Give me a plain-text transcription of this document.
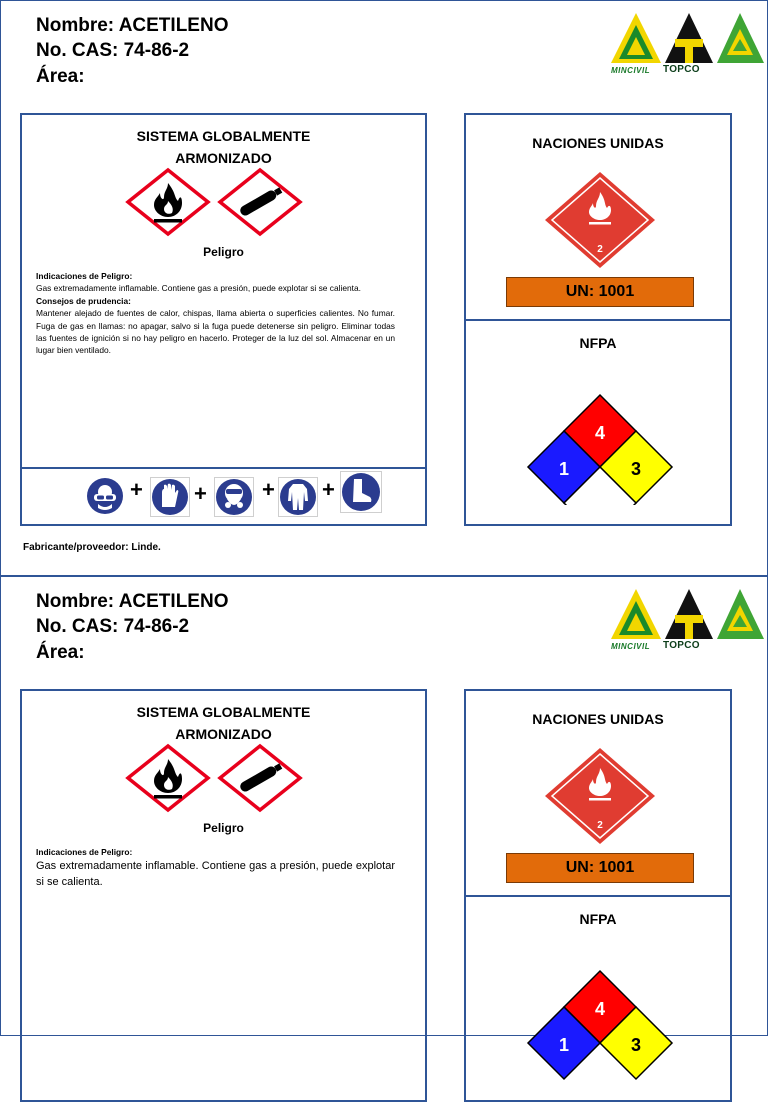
Nombre: ACETILENO
No. CAS: 74-86-2
Área:	MINCIVIL TOPCO
SISTEMA GLOBALMENTE
ARMONIZADO
Peligro
Indicaciones de Peligro:
Gas extremadamente inflamable. Contiene gas a presión, puede explotar si se calienta.
Consejos de prudencia:
Mantener alejado de fuentes de calor, chispas, llama abierta o superficies calientes. No fumar. Fuga de gas en llamas: no apagar, salvo si la fuga puede detenerse sin peligro. Eliminar todas las fuentes de ignición si no hay peligro en hacerlo. Proteger de la luz del sol. Almacenar en un lugar bien ventilado.
+ +	+ +
NACIONES UNIDAS
2
UN: 1001
NFPA
4
1	3
Fabricante/proveedor: Linde.
Nombre: ACETILENO
No. CAS: 74-86-2
Área:	MINCIVIL TOPCO
SISTEMA GLOBALMENTE
ARMONIZADO
Peligro
Indicaciones de Peligro:
Gas extremadamente inflamable. Contiene gas a presión, puede explotar si se calienta.
NACIONES UNIDAS
2
UN: 1001
NFPA
4
1	3
